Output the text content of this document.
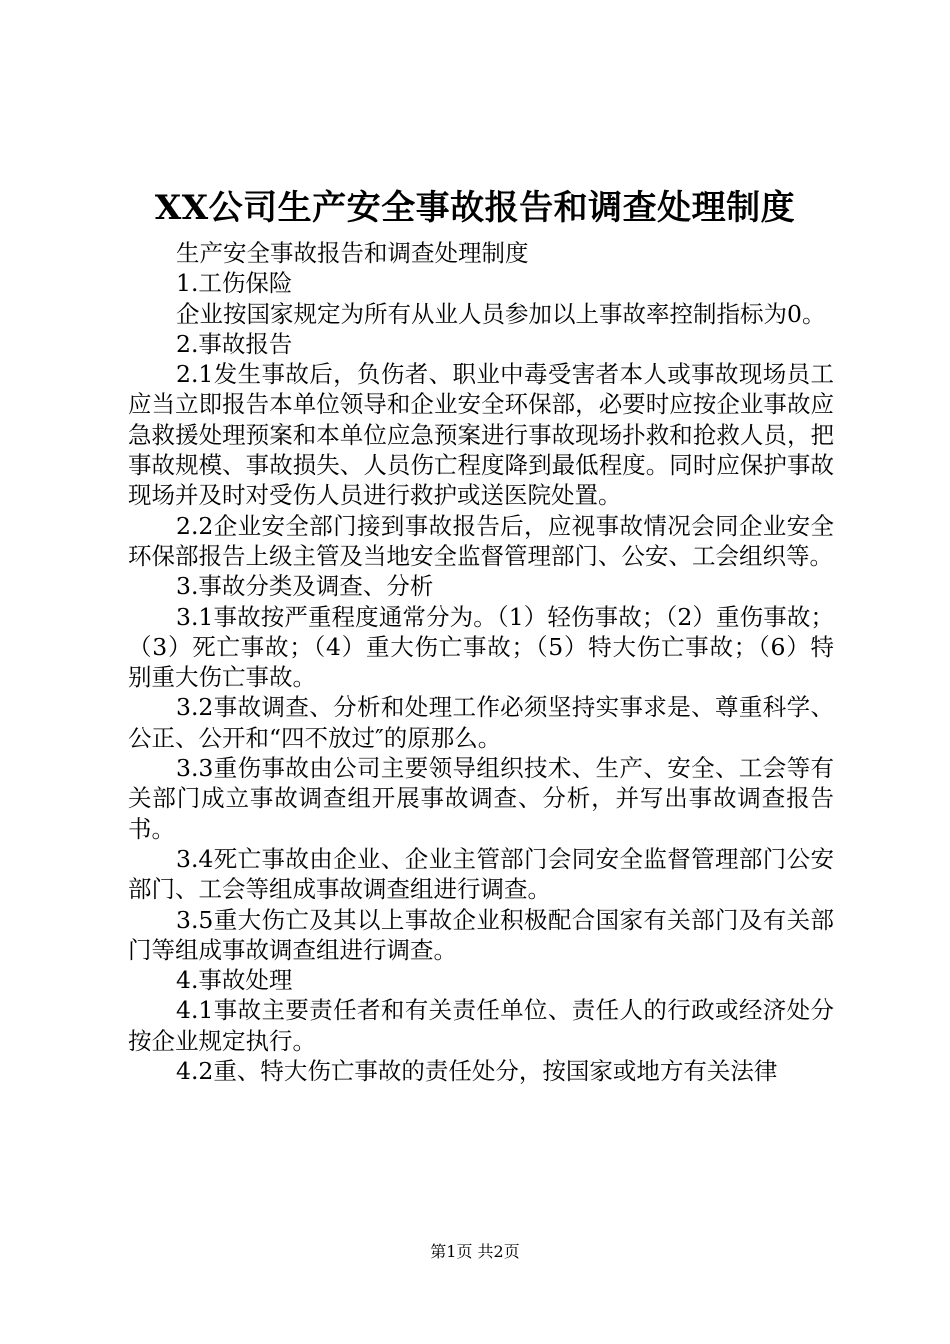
XX公司生产安全事故报告和调查处理制度

生产安全事故报告和调查处理制度

1.工伤保险

企业按国家规定为所有从业人员参加以上事故率控制指标为0。

2.事故报告

2.1发生事故后，负伤者、职业中毒受害者本人或事故现场员工应当立即报告本单位领导和企业安全环保部，必要时应按企业事故应急救援处理预案和本单位应急预案进行事故现场扑救和抢救人员，把事故规模、事故损失、人员伤亡程度降到最低程度。同时应保护事故现场并及时对受伤人员进行救护或送医院处置。

2.2企业安全部门接到事故报告后，应视事故情况会同企业安全环保部报告上级主管及当地安全监督管理部门、公安、工会组织等。

3.事故分类及调查、分析

3.1事故按严重程度通常分为。（1）轻伤事故；（2）重伤事故；（3）死亡事故；（4）重大伤亡事故；（5）特大伤亡事故；（6）特别重大伤亡事故。

3.2事故调查、分析和处理工作必须坚持实事求是、尊重科学、公正、公开和“四不放过″的原那么。

3.3重伤事故由公司主要领导组织技术、生产、安全、工会等有关部门成立事故调查组开展事故调查、分析，并写出事故调查报告书。

3.4死亡事故由企业、企业主管部门会同安全监督管理部门公安部门、工会等组成事故调查组进行调查。

3.5重大伤亡及其以上事故企业积极配合国家有关部门及有关部门等组成事故调查组进行调查。

4.事故处理

4.1事故主要责任者和有关责任单位、责任人的行政或经济处分按企业规定执行。

4.2重、特大伤亡事故的责任处分，按国家或地方有关法律

第1页 共2页
